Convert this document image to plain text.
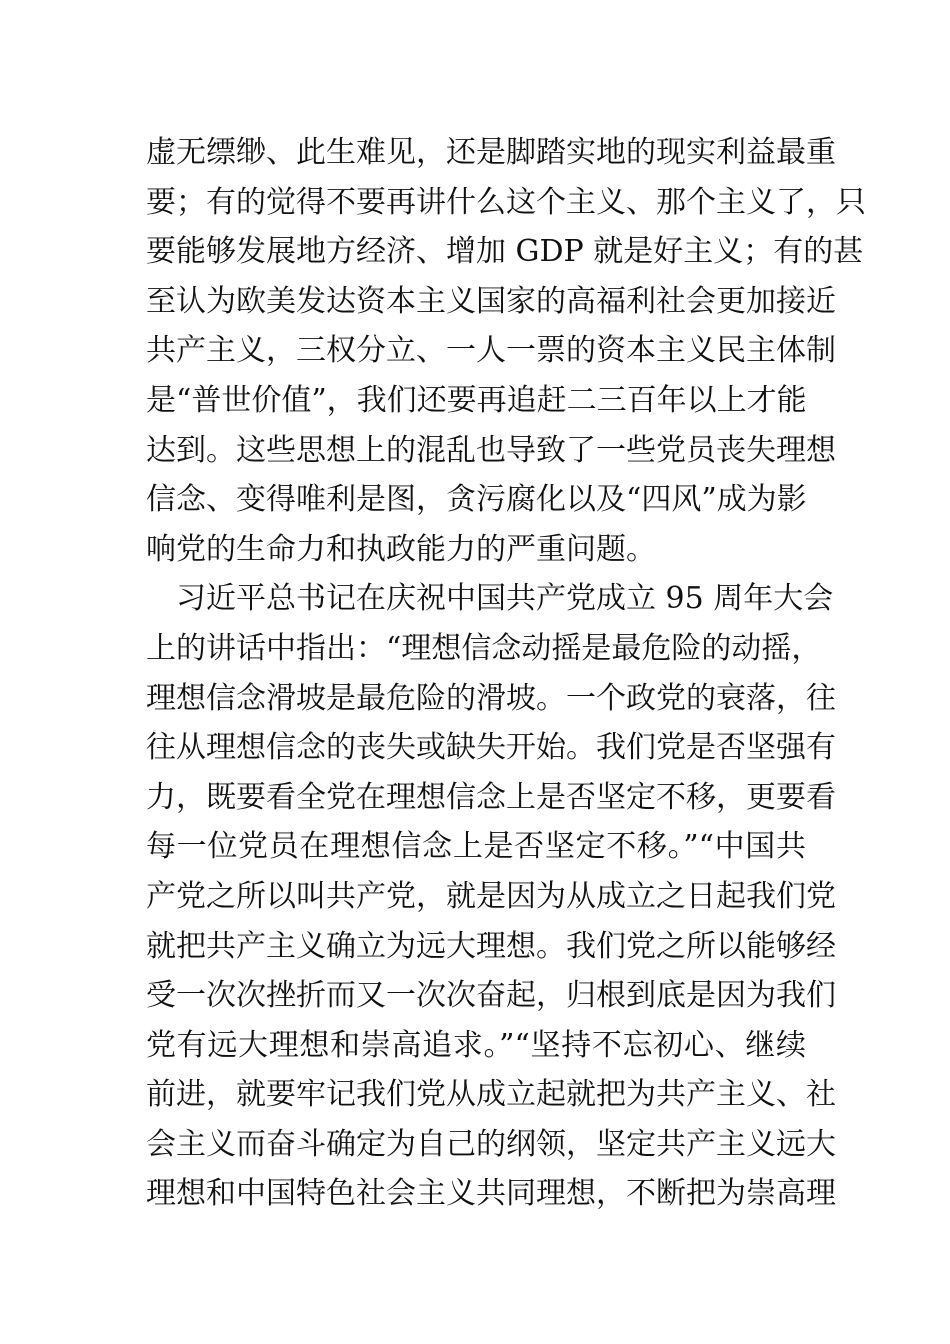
虚无缥缈、此生难见，还是脚踏实地的现实利益最重
要；有的觉得不要再讲什么这个主义、那个主义了，只
要能够发展地方经济、增加 GDP 就是好主义；有的甚
至认为欧美发达资本主义国家的高福利社会更加接近
共产主义，三权分立、一人一票的资本主义民主体制
是“普世价值”，我们还要再追赶二三百年以上才能
达到。这些思想上的混乱也导致了一些党员丧失理想
信念、变得唯利是图，贪污腐化以及“四风”成为影
响党的生命力和执政能力的严重问题。
　习近平总书记在庆祝中国共产党成立 95 周年大会
上的讲话中指出：“理想信念动摇是最危险的动摇，
理想信念滑坡是最危险的滑坡。一个政党的衰落，往
往从理想信念的丧失或缺失开始。我们党是否坚强有
力，既要看全党在理想信念上是否坚定不移，更要看
每一位党员在理想信念上是否坚定不移。”“中国共
产党之所以叫共产党，就是因为从成立之日起我们党
就把共产主义确立为远大理想。我们党之所以能够经
受一次次挫折而又一次次奋起，归根到底是因为我们
党有远大理想和崇高追求。”“坚持不忘初心、继续
前进，就要牢记我们党从成立起就把为共产主义、社
会主义而奋斗确定为自己的纲领，坚定共产主义远大
理想和中国特色社会主义共同理想，不断把为崇高理
